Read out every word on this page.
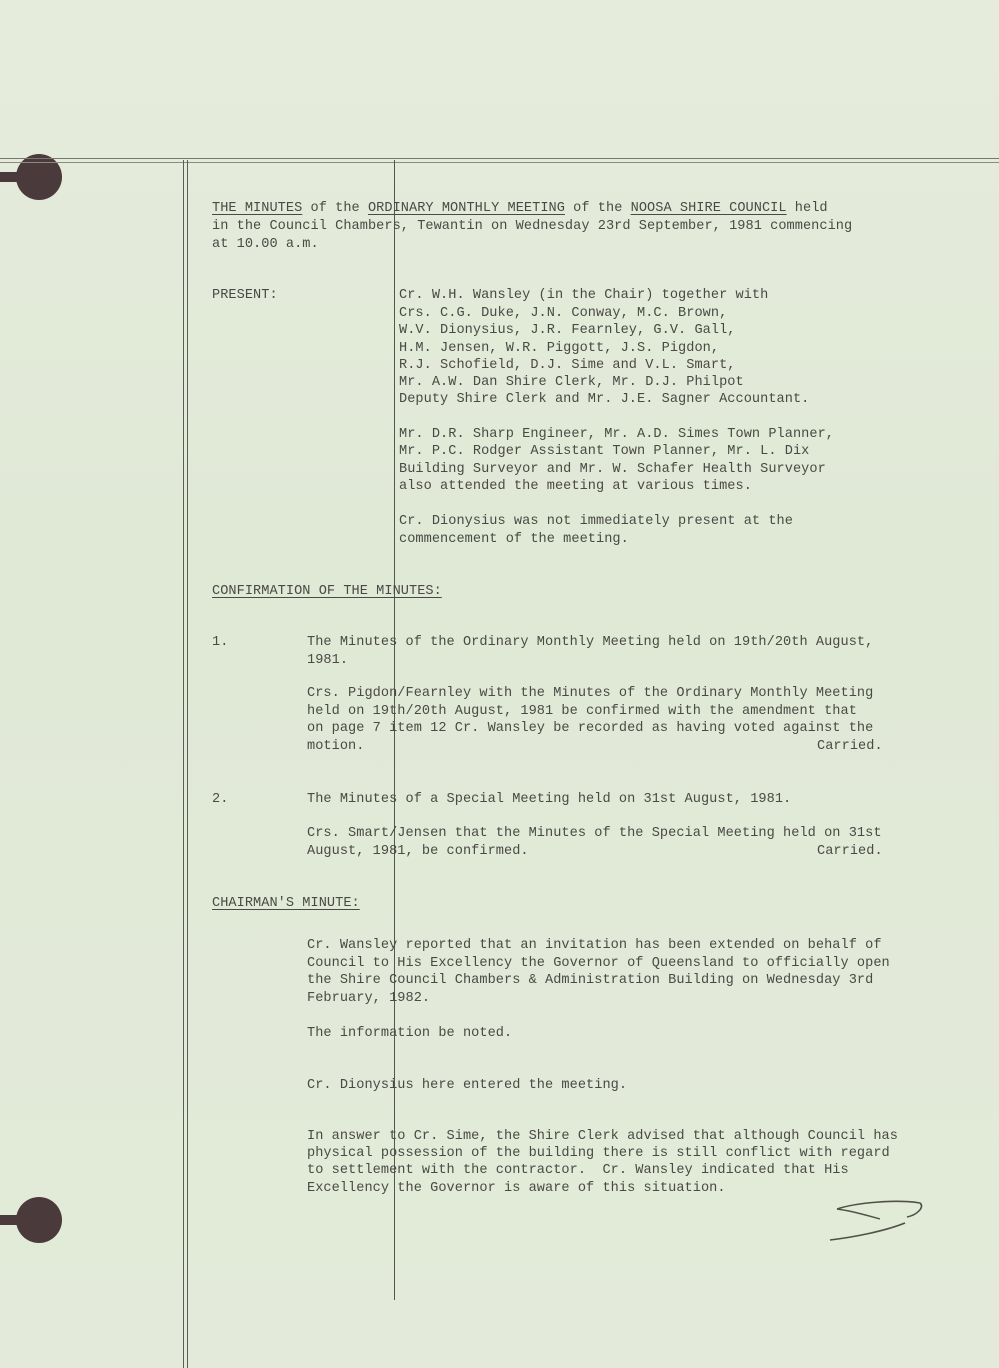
THE MINUTES of the ORDINARY MONTHLY MEETING of the NOOSA SHIRE COUNCIL held
in the Council Chambers, Tewantin on Wednesday 23rd September, 1981 commencing
at 10.00 a.m.
PRESENT:	Cr. W.H. Wansley (in the Chair) together with
Crs. C.G. Duke, J.N. Conway, M.C. Brown,
W.V. Dionysius, J.R. Fearnley, G.V. Gall,
H.M. Jensen, W.R. Piggott, J.S. Pigdon,
R.J. Schofield, D.J. Sime and V.L. Smart,
Mr. A.W. Dan Shire Clerk, Mr. D.J. Philpot
Deputy Shire Clerk and Mr. J.E. Sagner Accountant.
Mr. D.R. Sharp Engineer, Mr. A.D. Simes Town Planner,
Mr. P.C. Rodger Assistant Town Planner, Mr. L. Dix
Building Surveyor and Mr. W. Schafer Health Surveyor
also attended the meeting at various times.
Cr. Dionysius was not immediately present at the
commencement of the meeting.
CONFIRMATION OF THE MINUTES:
1.	The Minutes of the Ordinary Monthly Meeting held on 19th/20th August,
1981.
Crs. Pigdon/Fearnley with the Minutes of the Ordinary Monthly Meeting
held on 19th/20th August, 1981 be confirmed with the amendment that
on page 7 item 12 Cr. Wansley be recorded as having voted against the
motion.	Carried.
2.	The Minutes of a Special Meeting held on 31st August, 1981.
Crs. Smart/Jensen that the Minutes of the Special Meeting held on 31st
August, 1981, be confirmed.	Carried.
CHAIRMAN'S MINUTE:
Cr. Wansley reported that an invitation has been extended on behalf of
Council to His Excellency the Governor of Queensland to officially open
the Shire Council Chambers & Administration Building on Wednesday 3rd
February, 1982.
The information be noted.
Cr. Dionysius here entered the meeting.
In answer to Cr. Sime, the Shire Clerk advised that although Council has
physical possession of the building there is still conflict with regard
to settlement with the contractor.  Cr. Wansley indicated that His
Excellency the Governor is aware of this situation.
